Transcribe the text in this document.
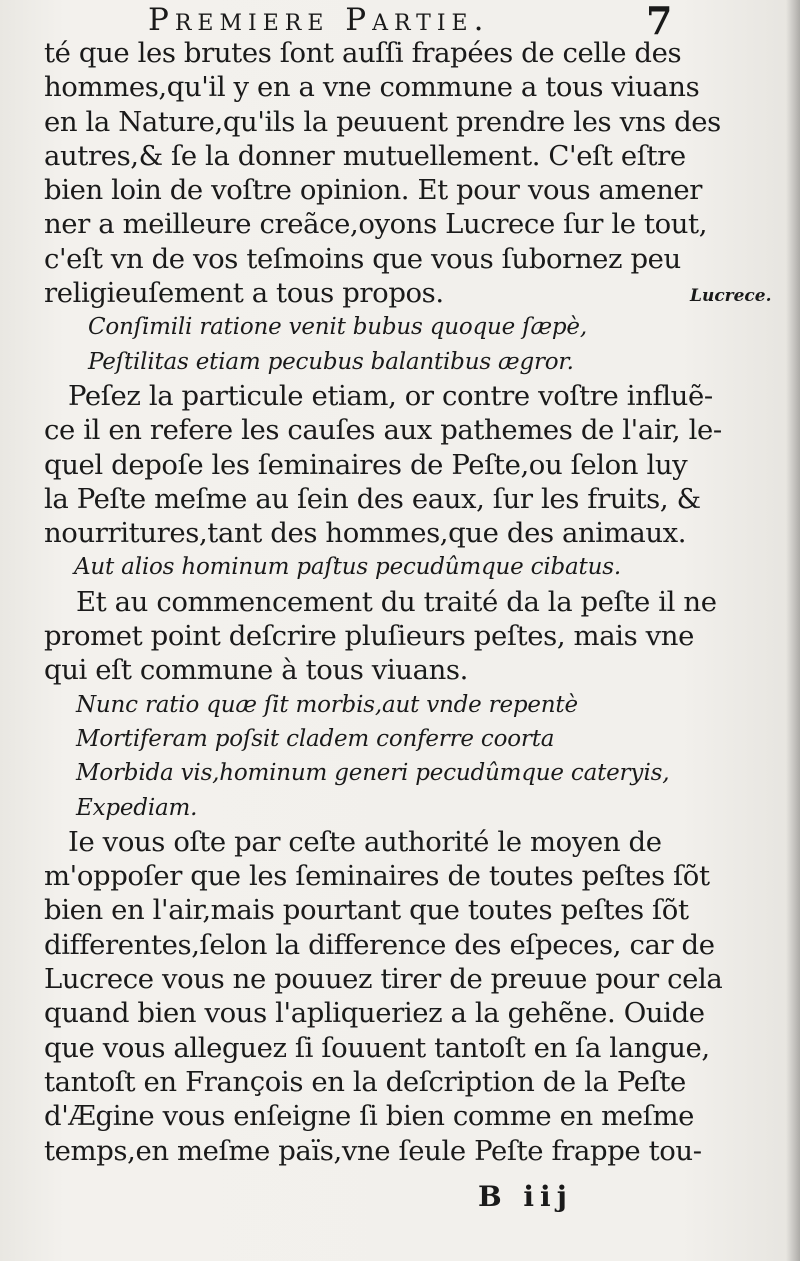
Premiere Partie.	7
Lucrece.
té que les brutes ſont auſſi frapées de celle des
hommes,qu'il y en a vne commune a tous viuans
en la Nature,qu'ils la peuuent prendre les vns des
autres,& ſe la donner mutuellement. C'eſt eſtre
bien loin de voſtre opinion. Et pour vous amener
ner a meilleure creãce,oyons Lucrece ſur le tout,
c'eſt vn de vos teſmoins que vous ſubornez peu
religieuſement a tous propos.
Conſimili ratione venit bubus quoque ſæpè,
Peſtilitas etiam pecubus balantibus ægror.
Peſez la particule etiam, or contre voſtre influẽ-
ce il en refere les cauſes aux pathemes de l'air, le-
quel depoſe les ſeminaires de Peſte,ou ſelon luy
la Peſte meſme au ſein des eaux, ſur les fruits, &
nourritures,tant des hommes,que des animaux.
Aut alios hominum paſtus pecudûmque cibatus.
Et au commencement du traité da la peſte il ne
promet point deſcrire pluſieurs peſtes, mais vne
qui eſt commune à tous viuans.
Nunc ratio quæ ſit morbis,aut vnde repentè
Mortiferam poſsit cladem conferre coorta
Morbida vis,hominum generi pecudûmque caterуis,
Expediam.
Ie vous oſte par ceſte authorité le moyen de
m'oppoſer que les ſeminaires de toutes peſtes ſõt
bien en l'air,mais pourtant que toutes peſtes ſõt
differentes,ſelon la difference des eſpeces, car de
Lucrece vous ne pouuez tirer de preuue pour cela
quand bien vous l'apliqueriez a la gehẽne. Ouide
que vous alleguez ſi ſouuent tantoſt en ſa langue,
tantoſt en François en la deſcription de la Peſte
d'Ægine vous enſeigne ſi bien comme en meſme
temps,en meſme païs,vne ſeule Peſte frappe tou-
B iij
